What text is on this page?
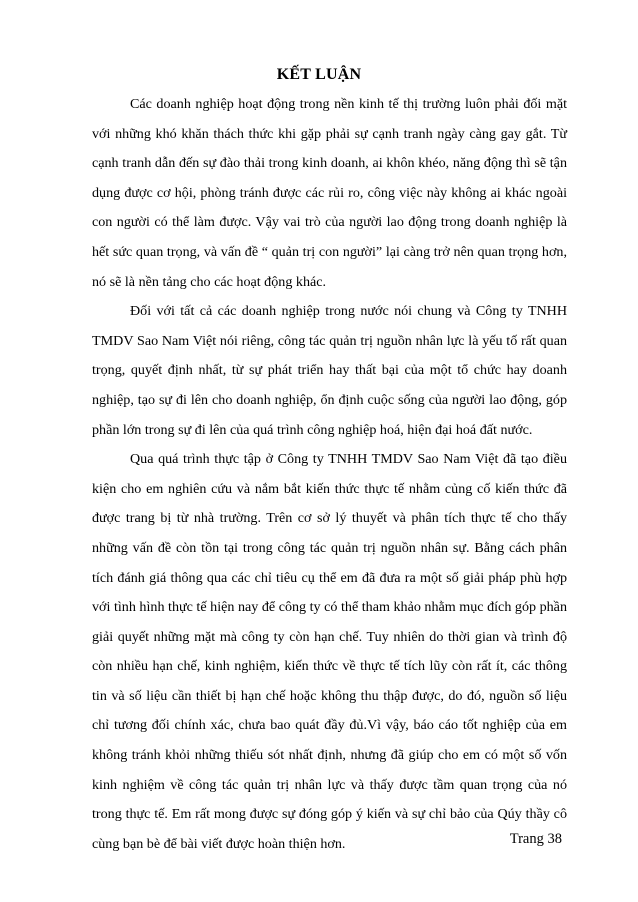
KẾT LUẬN

Các doanh nghiệp hoạt động trong nền kinh tế thị trường luôn phải đối mặt với những khó khăn thách thức khi gặp phải sự cạnh tranh ngày càng gay gắt. Từ cạnh tranh dẫn đến sự đào thải trong kinh doanh, ai khôn khéo, năng động thì sẽ tận dụng được cơ hội, phòng tránh được các rủi ro, công việc này không ai khác ngoài con người có thể làm được. Vậy vai trò của người lao động trong doanh nghiệp là hết sức quan trọng, và vấn đề “ quản trị con người” lại càng trở nên quan trọng hơn, nó sẽ là nền tảng cho các hoạt động khác.

Đối với tất cả các doanh nghiệp trong nước nói chung và Công ty TNHH TMDV Sao Nam Việt nói riêng, công tác quản trị nguồn nhân lực là yếu tố rất quan trọng, quyết định nhất, từ sự phát triển hay thất bại của một tổ chức hay doanh nghiệp, tạo sự đi lên cho doanh nghiệp, ổn định cuộc sống của người lao động, góp phần lớn trong sự đi lên của quá trình công nghiệp hoá, hiện đại hoá đất nước.

Qua quá trình thực tập ở Công ty TNHH TMDV Sao Nam Việt đã tạo điều kiện cho em nghiên cứu và nắm bắt kiến thức thực tế nhằm củng cố kiến thức đã được trang bị từ nhà trường. Trên cơ sở lý thuyết và phân tích thực tế cho thấy những vấn đề còn tồn tại trong công tác quản trị nguồn nhân sự. Bằng cách phân tích đánh giá thông qua các chỉ tiêu cụ thể em đã đưa ra một số giải pháp phù hợp với tình hình thực tế hiện nay để công ty có thể tham khảo nhằm mục đích góp phần giải quyết những mặt mà công ty còn hạn chế. Tuy nhiên do thời gian và trình độ còn nhiều hạn chế, kinh nghiệm, kiến thức về thực tế tích lũy còn rất ít, các thông tin và số liệu cần thiết bị hạn chế hoặc không thu thập được, do đó, nguồn số liệu chỉ tương đối chính xác, chưa bao quát đầy đủ.Vì vậy, báo cáo tốt nghiệp của em không tránh khỏi những thiếu sót nhất định, nhưng đã giúp cho em có một số vốn kinh nghiệm về công tác quản trị nhân lực và thấy được tầm quan trọng của nó trong thực tế. Em rất mong được sự đóng góp ý kiến và sự chỉ bảo của Qúy thầy cô cùng bạn bè để bài viết được hoàn thiện hơn.	Trang 38
